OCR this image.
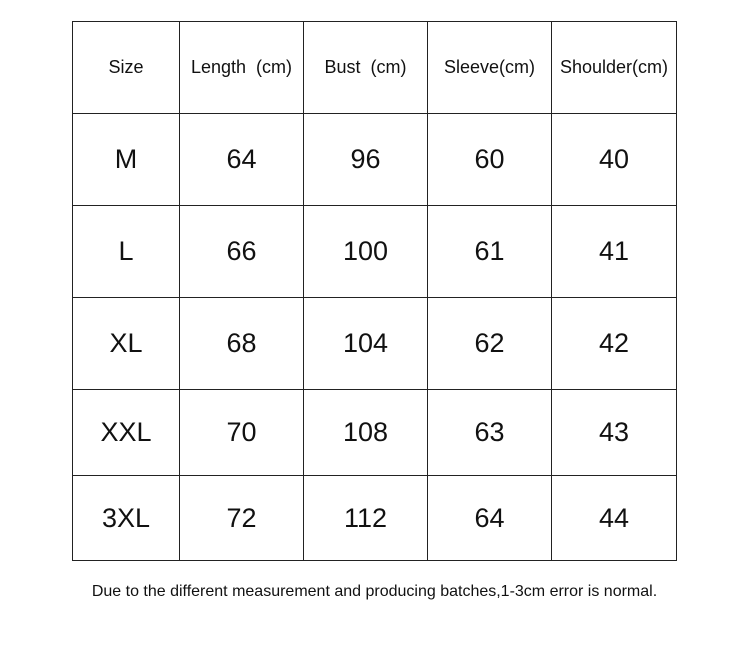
Size	Length  (cm)	Bust  (cm)	Sleeve(cm)	Shoulder(cm)
M	64	96	60	40
L	66	100	61	41
XL	68	104	62	42
XXL	70	108	63	43
3XL	72	112	64	44
Due to the different measurement and producing batches,1-3cm error is normal.
